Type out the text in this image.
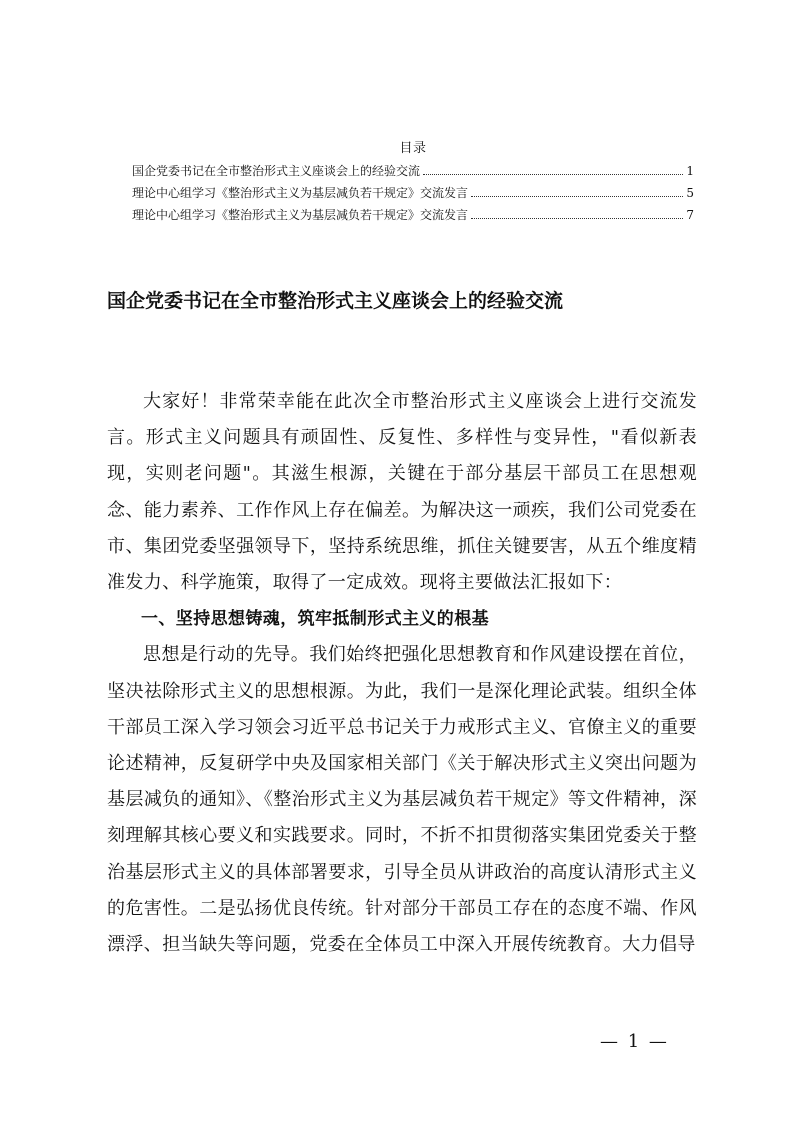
目录
国企党委书记在全市整治形式主义座谈会上的经验交流	1
理论中心组学习《整治形式主义为基层减负若干规定》交流发言	5
理论中心组学习《整治形式主义为基层减负若干规定》交流发言	7
国企党委书记在全市整治形式主义座谈会上的经验交流

大家好！非常荣幸能在此次全市整治形式主义座谈会上进行交流发言。形式主义问题具有顽固性、反复性、多样性与变异性，"看似新表现，实则老问题"。其滋生根源，关键在于部分基层干部员工在思想观念、能力素养、工作作风上存在偏差。为解决这一顽疾，我们公司党委在市、集团党委坚强领导下，坚持系统思维，抓住关键要害，从五个维度精准发力、科学施策，取得了一定成效。现将主要做法汇报如下：

一、坚持思想铸魂，筑牢抵制形式主义的根基

思想是行动的先导。我们始终把强化思想教育和作风建设摆在首位，坚决祛除形式主义的思想根源。为此，我们一是深化理论武装。组织全体干部员工深入学习领会习近平总书记关于力戒形式主义、官僚主义的重要论述精神，反复研学中央及国家相关部门《关于解决形式主义突出问题为基层减负的通知》、《整治形式主义为基层减负若干规定》等文件精神，深刻理解其核心要义和实践要求。同时，不折不扣贯彻落实集团党委关于整治基层形式主义的具体部署要求，引导全员从讲政治的高度认清形式主义的危害性。二是弘扬优良传统。针对部分干部员工存在的态度不端、作风漂浮、担当缺失等问题，党委在全体员工中深入开展传统教育。大力倡导

— 1 —
